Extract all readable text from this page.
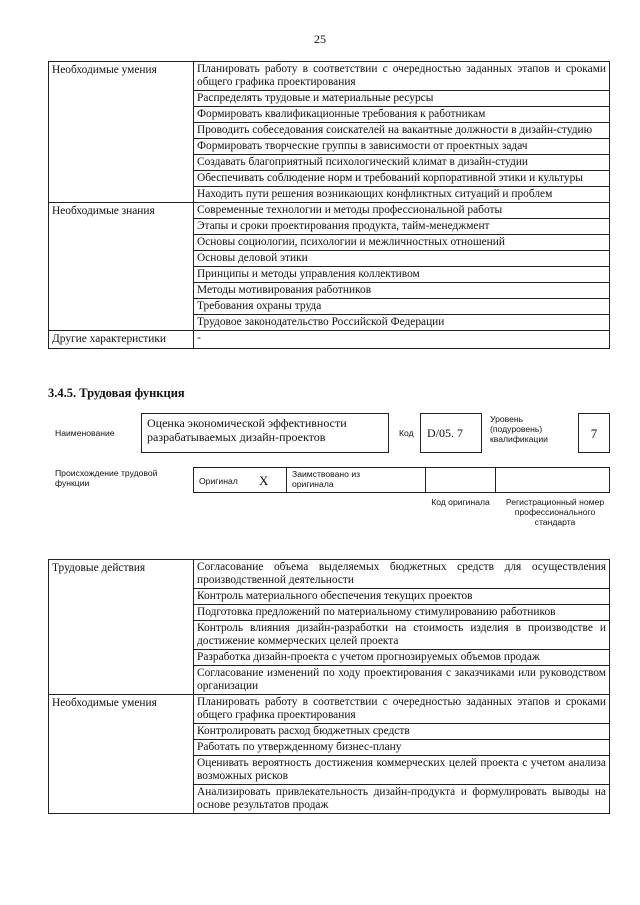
25
Необходимые умения	Планировать работу в соответствии с очередностью заданных этапов и сроками общего графика проектирования
	Распределять трудовые и материальные ресурсы
	Формировать квалификационные требования к работникам
	Проводить собеседования соискателей на вакантные должности в дизайн-студию
	Формировать творческие группы в зависимости от проектных задач
	Создавать благоприятный психологический климат в дизайн-студии
	Обеспечивать соблюдение норм и требований корпоративной этики и культуры
	Находить пути решения возникающих конфликтных ситуаций и проблем
Необходимые знания	Современные технологии и методы профессиональной работы
	Этапы и сроки проектирования продукта, тайм-менеджмент
	Основы социологии, психологии и межличностных отношений
	Основы деловой этики
	Принципы и методы управления коллективом
	Методы мотивирования работников
	Требования охраны труда
	Трудовое законодательство Российской Федерации
Другие характеристики	-
3.4.5. Трудовая функция
Наименование
Оценка экономической эффективности разрабатываемых дизайн-проектов	Код	D/05. 7
Уровень (подуровень) квалификации	7
Происхождение трудовой функции	Оригинал X	Заимствовано из оригинала
Код оригинала	Регистрационный номер профессионального стандарта
Трудовые действия	Согласование объема выделяемых бюджетных средств для осуществления производственной деятельности
	Контроль материального обеспечения текущих проектов
	Подготовка предложений по материальному стимулированию работников
	Контроль влияния дизайн-разработки на стоимость изделия в производстве и достижение коммерческих целей проекта
	Разработка дизайн-проекта с учетом прогнозируемых объемов продаж
	Согласование изменений по ходу проектирования с заказчиками или руководством организации
Необходимые умения	Планировать работу в соответствии с очередностью заданных этапов и сроками общего графика проектирования
	Контролировать расход бюджетных средств
	Работать по утвержденному бизнес-плану
	Оценивать вероятность достижения коммерческих целей проекта с учетом анализа возможных рисков
	Анализировать привлекательность дизайн-продукта и формулировать выводы на основе результатов продаж
